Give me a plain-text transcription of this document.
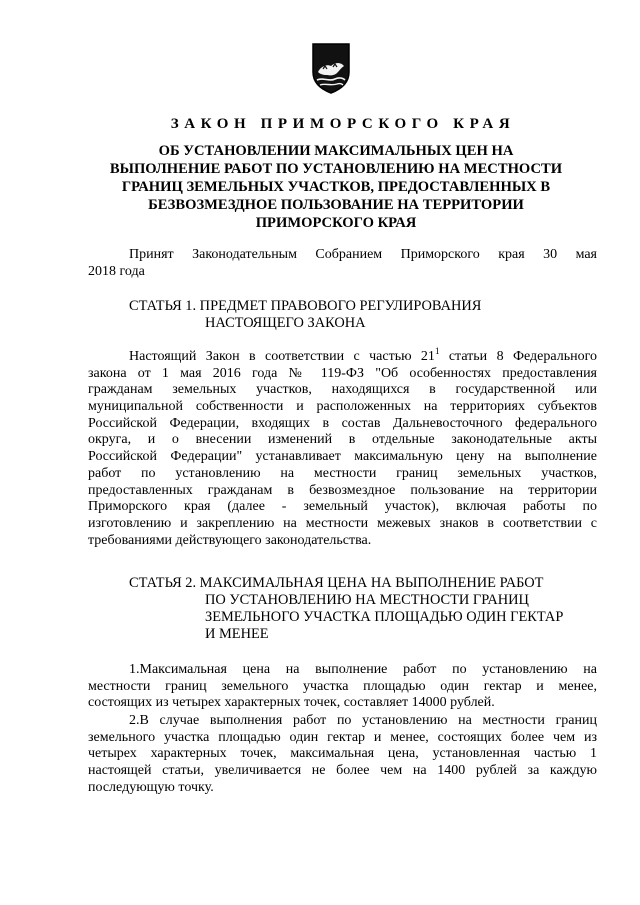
ЗАКОН ПРИМОРСКОГО КРАЯ
ОБ УСТАНОВЛЕНИИ МАКСИМАЛЬНЫХ ЦЕН НА
ВЫПОЛНЕНИЕ РАБОТ ПО УСТАНОВЛЕНИЮ НА МЕСТНОСТИ
ГРАНИЦ ЗЕМЕЛЬНЫХ УЧАСТКОВ, ПРЕДОСТАВЛЕННЫХ В
БЕЗВОЗМЕЗДНОЕ ПОЛЬЗОВАНИЕ НА ТЕРРИТОРИИ
ПРИМОРСКОГО КРАЯ
Принят Законодательным Собранием Приморского края 30 мая
2018 года
СТАТЬЯ 1. ПРЕДМЕТ ПРАВОВОГО РЕГУЛИРОВАНИЯ
НАСТОЯЩЕГО ЗАКОНА
Настоящий Закон в соответствии с частью $21^1$ статьи 8 Федерального
закона от 1 мая 2016 года № 119-ФЗ "Об особенностях предоставления
гражданам земельных участков, находящихся в государственной или
муниципальной собственности и расположенных на территориях субъектов
Российской Федерации, входящих в состав Дальневосточного федерального
округа, и о внесении изменений в отдельные законодательные акты
Российской Федерации" устанавливает максимальную цену на выполнение
работ по установлению на местности границ земельных участков,
предоставленных гражданам в безвозмездное пользование на территории
Приморского края (далее - земельный участок), включая работы по
изготовлению и закреплению на местности межевых знаков в соответствии с
требованиями действующего законодательства.
СТАТЬЯ 2. МАКСИМАЛЬНАЯ ЦЕНА НА ВЫПОЛНЕНИЕ РАБОТ
ПО УСТАНОВЛЕНИЮ НА МЕСТНОСТИ ГРАНИЦ
ЗЕМЕЛЬНОГО УЧАСТКА ПЛОЩАДЬЮ ОДИН ГЕКТАР
И МЕНЕЕ
1.Максимальная цена на выполнение работ по установлению на
местности границ земельного участка площадью один гектар и менее,
состоящих из четырех характерных точек, составляет 14000 рублей.
2.В случае выполнения работ по установлению на местности границ
земельного участка площадью один гектар и менее, состоящих более чем из
четырех характерных точек, максимальная цена, установленная частью 1
настоящей статьи, увеличивается не более чем на 1400 рублей за каждую
последующую точку.
